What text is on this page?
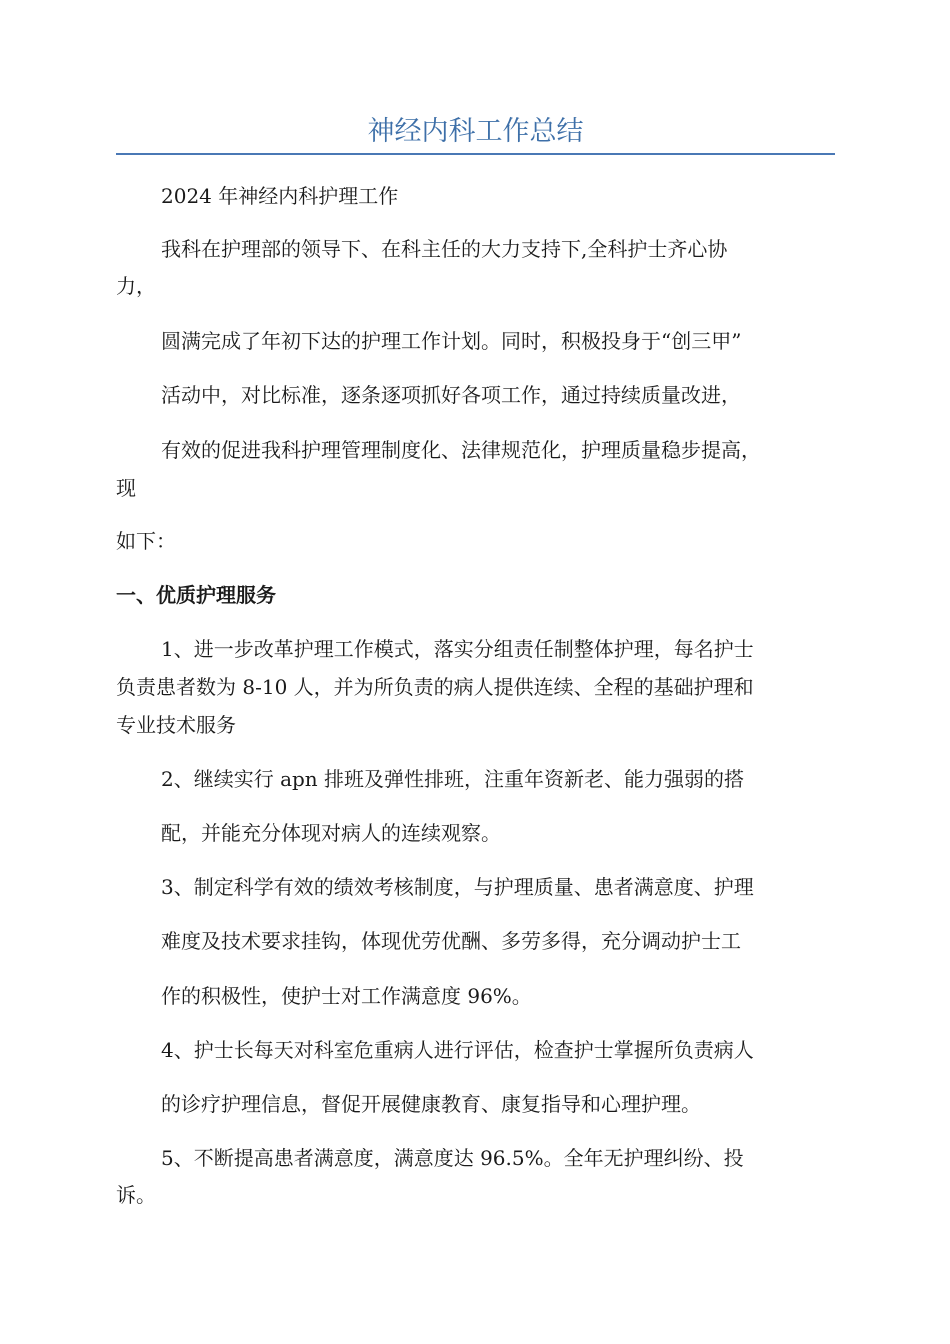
神经内科工作总结

2024 年神经内科护理工作

我科在护理部的领导下、在科主任的大力支持下,全科护士齐心协

力，

圆满完成了年初下达的护理工作计划。同时，积极投身于“创三甲”

活动中，对比标准，逐条逐项抓好各项工作，通过持续质量改进，

有效的促进我科护理管理制度化、法律规范化，护理质量稳步提高，

现

如下：

一、优质护理服务

1、进一步改革护理工作模式，落实分组责任制整体护理，每名护士

负责患者数为 8-10 人，并为所负责的病人提供连续、全程的基础护理和

专业技术服务

2、继续实行 apn 排班及弹性排班，注重年资新老、能力强弱的搭

配，并能充分体现对病人的连续观察。

3、制定科学有效的绩效考核制度，与护理质量、患者满意度、护理

难度及技术要求挂钩，体现优劳优酬、多劳多得，充分调动护士工

作的积极性，使护士对工作满意度 96%。

4、护士长每天对科室危重病人进行评估，检查护士掌握所负责病人

的诊疗护理信息，督促开展健康教育、康复指导和心理护理。

5、不断提高患者满意度，满意度达 96.5%。全年无护理纠纷、投

诉。
